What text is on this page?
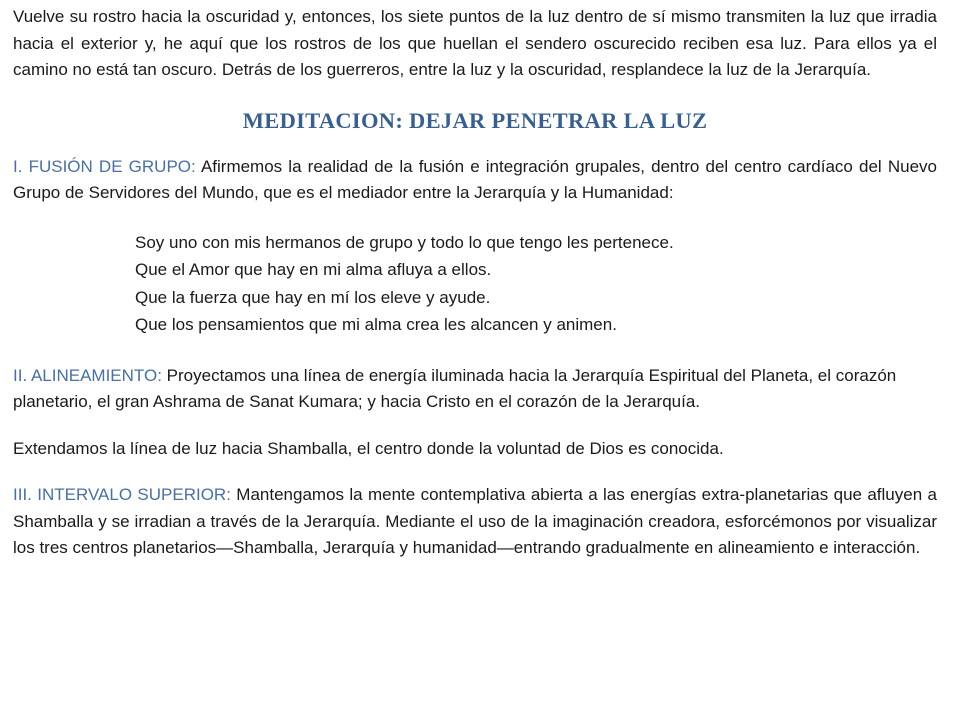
Vuelve su rostro hacia la oscuridad y, entonces, los siete puntos de la luz dentro de sí mismo transmiten la luz que irradia hacia el exterior y, he aquí que los rostros de los que huellan el sendero oscurecido reciben esa luz. Para ellos ya el camino no está tan oscuro. Detrás de los guerreros, entre la luz y la oscuridad, resplandece la luz de la Jerarquía.

MEDITACION: DEJAR PENETRAR LA LUZ

I. FUSIÓN DE GRUPO: Afirmemos la realidad de la fusión e integración grupales, dentro del centro cardíaco del Nuevo Grupo de Servidores del Mundo, que es el mediador entre la Jerarquía y la Humanidad:

Soy uno con mis hermanos de grupo y todo lo que tengo les pertenece.
Que el Amor que hay en mi alma afluya a ellos.
Que la fuerza que hay en mí los eleve y ayude.
Que los pensamientos que mi alma crea les alcancen y animen.

II. ALINEAMIENTO: Proyectamos una línea de energía iluminada hacia la Jerarquía Espiritual del Planeta, el corazón planetario, el gran Ashrama de Sanat Kumara; y hacia Cristo en el corazón de la Jerarquía.

Extendamos la línea de luz hacia Shamballa, el centro donde la voluntad de Dios es conocida.

III. INTERVALO SUPERIOR: Mantengamos la mente contemplativa abierta a las energías extra-planetarias que afluyen a Shamballa y se irradian a través de la Jerarquía. Mediante el uso de la imaginación creadora, esforcémonos por visualizar los tres centros planetarios—Shamballa, Jerarquía y humanidad—entrando gradualmente en alineamiento e interacción.
